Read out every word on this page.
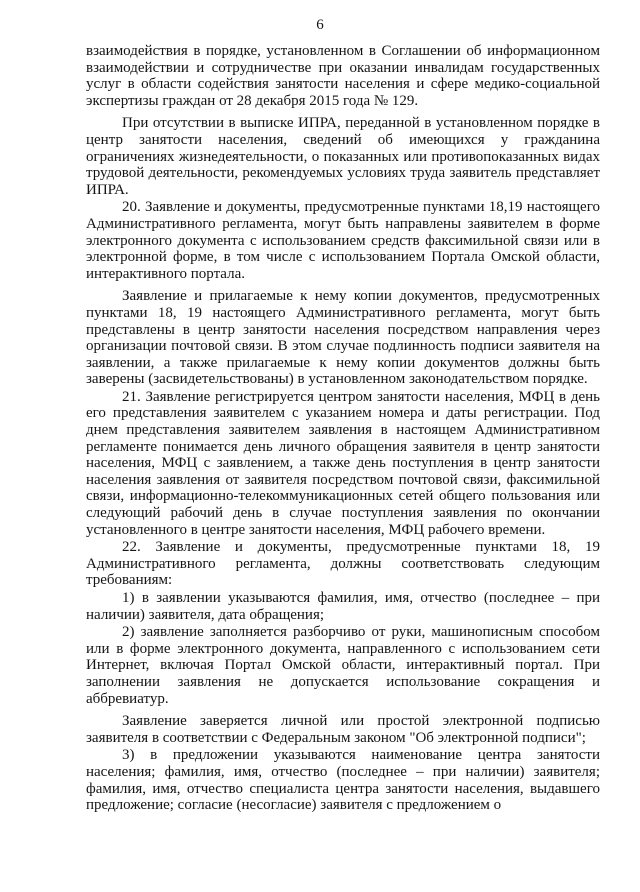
6

взаимодействия в порядке, установленном в Соглашении об информационном взаимодействии и сотрудничестве при оказании инвалидам государственных услуг в области содействия занятости населения и сфере медико-социальной экспертизы граждан от 28 декабря 2015 года № 129.

При отсутствии в выписке ИПРА, переданной в установленном порядке в центр занятости населения, сведений об имеющихся у гражданина ограничениях жизнедеятельности, о показанных или противопоказанных видах трудовой деятельности, рекомендуемых условиях труда заявитель представляет ИПРА.

20. Заявление и документы, предусмотренные пунктами 18,19 настоящего Административного регламента, могут быть направлены заявителем в форме электронного документа с использованием средств факсимильной связи или в электронной форме, в том числе с использованием Портала Омской области, интерактивного портала.

Заявление и прилагаемые к нему копии документов, предусмотренных пунктами 18, 19 настоящего Административного регламента, могут быть представлены в центр занятости населения посредством направления через организации почтовой связи. В этом случае подлинность подписи заявителя на заявлении, а также прилагаемые к нему копии документов должны быть заверены (засвидетельствованы) в установленном законодательством порядке.

21. Заявление регистрируется центром занятости населения, МФЦ в день его представления заявителем с указанием номера и даты регистрации. Под днем представления заявителем заявления в настоящем Административном регламенте понимается день личного обращения заявителя в центр занятости населения, МФЦ с заявлением, а также день поступления в центр занятости населения заявления от заявителя посредством почтовой связи, факсимильной связи, информационно-телекоммуникационных сетей общего пользования или следующий рабочий день в случае поступления заявления по окончании установленного в центре занятости населения, МФЦ рабочего времени.

22. Заявление и документы, предусмотренные пунктами 18, 19 Административного регламента, должны соответствовать следующим требованиям:

1) в заявлении указываются фамилия, имя, отчество (последнее – при наличии) заявителя, дата обращения;

2) заявление заполняется разборчиво от руки, машинописным способом или в форме электронного документа, направленного с использованием сети Интернет, включая Портал Омской области, интерактивный портал. При заполнении заявления не допускается использование сокращения и аббревиатур.

Заявление заверяется личной или простой электронной подписью заявителя в соответствии с Федеральным законом "Об электронной подписи";

3) в предложении указываются наименование центра занятости населения; фамилия, имя, отчество (последнее – при наличии) заявителя; фамилия, имя, отчество специалиста центра занятости населения, выдавшего предложение; согласие (несогласие) заявителя с предложением о
